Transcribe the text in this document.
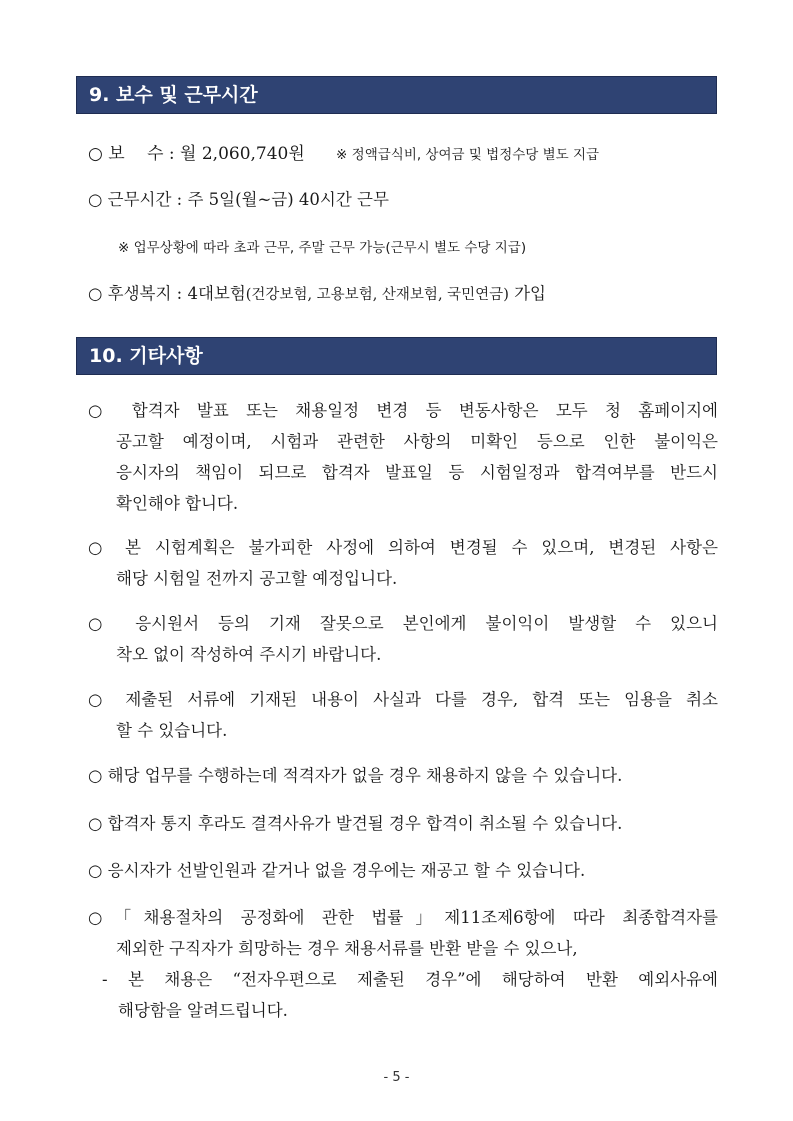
9. 보수 및 근무시간
○ 보　 수 : 월 2,060,740원 ※ 정액급식비, 상여금 및 법정수당 별도 지급
○ 근무시간 : 주 5일(월~금) 40시간 근무
※ 업무상황에 따라 초과 근무, 주말 근무 가능(근무시 별도 수당 지급)
○ 후생복지 : 4대보험(건강보험, 고용보험, 산재보험, 국민연금) 가입
10. 기타사항
○ 합격자 발표 또는 채용일정 변경 등 변동사항은 모두 청 홈페이지에
공고할 예정이며, 시험과 관련한 사항의 미확인 등으로 인한 불이익은
응시자의 책임이 되므로 합격자 발표일 등 시험일정과 합격여부를 반드시
확인해야 합니다.
○ 본 시험계획은 불가피한 사정에 의하여 변경될 수 있으며, 변경된 사항은
해당 시험일 전까지 공고할 예정입니다.
○ 응시원서 등의 기재 잘못으로 본인에게 불이익이 발생할 수 있으니
착오 없이 작성하여 주시기 바랍니다.
○ 제출된 서류에 기재된 내용이 사실과 다를 경우, 합격 또는 임용을 취소
할 수 있습니다.
○ 해당 업무를 수행하는데 적격자가 없을 경우 채용하지 않을 수 있습니다.
○ 합격자 통지 후라도 결격사유가 발견될 경우 합격이 취소될 수 있습니다.
○ 응시자가 선발인원과 같거나 없을 경우에는 재공고 할 수 있습니다.
○「채용절차의 공정화에 관한 법률」제11조제6항에 따라 최종합격자를
제외한 구직자가 희망하는 경우 채용서류를 반환 받을 수 있으나,
- 본 채용은 “전자우편으로 제출된 경우”에 해당하여 반환 예외사유에
해당함을 알려드립니다.
- 5 -
